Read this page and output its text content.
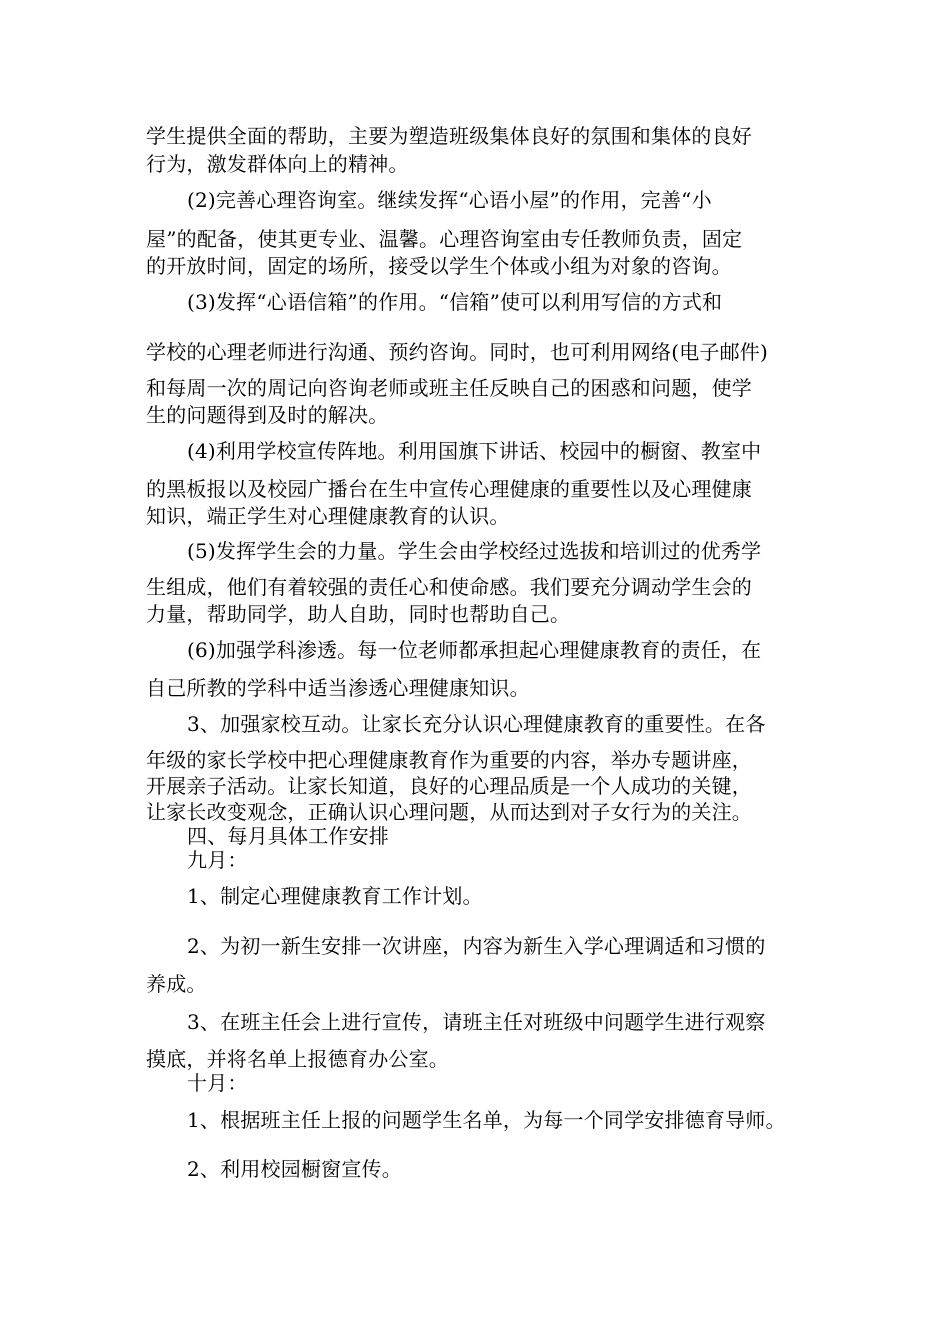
学生提供全面的帮助，主要为塑造班级集体良好的氛围和集体的良好
行为，激发群体向上的精神。
(2)完善心理咨询室。继续发挥“心语小屋”的作用，完善“小
屋”的配备，使其更专业、温馨。心理咨询室由专任教师负责，固定
的开放时间，固定的场所，接受以学生个体或小组为对象的咨询。
(3)发挥“心语信箱”的作用。“信箱”使可以利用写信的方式和
学校的心理老师进行沟通、预约咨询。同时，也可利用网络(电子邮件)
和每周一次的周记向咨询老师或班主任反映自己的困惑和问题，使学
生的问题得到及时的解决。
(4)利用学校宣传阵地。利用国旗下讲话、校园中的橱窗、教室中
的黑板报以及校园广播台在生中宣传心理健康的重要性以及心理健康
知识，端正学生对心理健康教育的认识。
(5)发挥学生会的力量。学生会由学校经过选拔和培训过的优秀学
生组成，他们有着较强的责任心和使命感。我们要充分调动学生会的
力量，帮助同学，助人自助，同时也帮助自己。
(6)加强学科渗透。每一位老师都承担起心理健康教育的责任，在
自己所教的学科中适当渗透心理健康知识。
3、加强家校互动。让家长充分认识心理健康教育的重要性。在各
年级的家长学校中把心理健康教育作为重要的内容，举办专题讲座，
开展亲子活动。让家长知道，良好的心理品质是一个人成功的关键，
让家长改变观念，正确认识心理问题，从而达到对子女行为的关注。
四、每月具体工作安排
九月：
1、制定心理健康教育工作计划。
2、为初一新生安排一次讲座，内容为新生入学心理调适和习惯的
养成。
3、在班主任会上进行宣传，请班主任对班级中问题学生进行观察
摸底，并将名单上报德育办公室。
十月：
1、根据班主任上报的问题学生名单，为每一个同学安排德育导师。
2、利用校园橱窗宣传。
